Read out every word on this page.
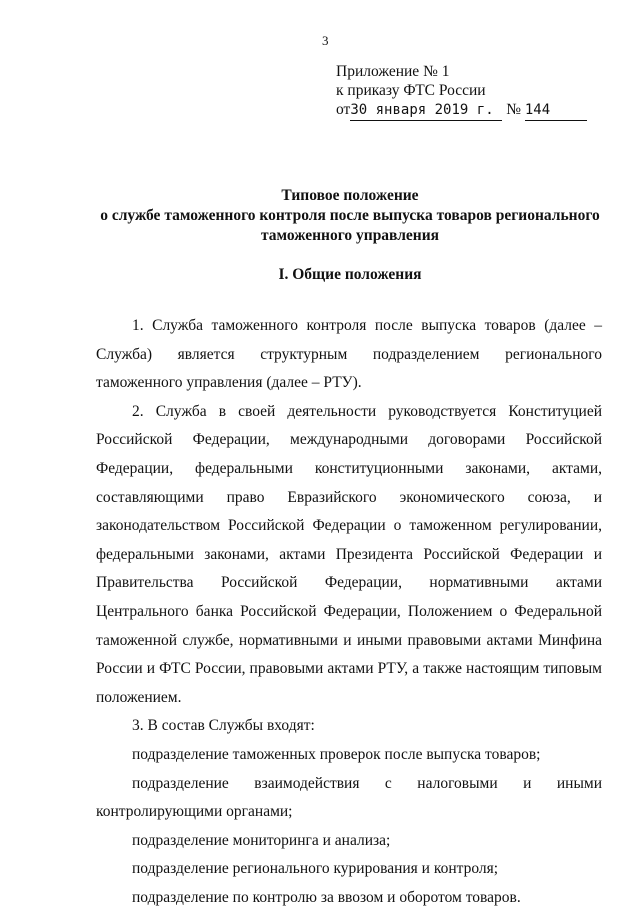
3
Приложение № 1
к приказу ФТС России
от30 января 2019 г. № 144
Типовое положение
о службе таможенного контроля после выпуска товаров регионального
таможенного управления
I. Общие положения

1. Служба таможенного контроля после выпуска товаров (далее – Служба) является структурным подразделением регионального таможенного управления (далее – РТУ).

2. Служба в своей деятельности руководствуется Конституцией Российской Федерации, международными договорами Российской Федерации, федеральными конституционными законами, актами, составляющими право Евразийского экономического союза, и законодательством Российской Федерации о таможенном регулировании, федеральными законами, актами Президента Российской Федерации и Правительства Российской Федерации, нормативными актами Центрального банка Российской Федерации, Положением о Федеральной таможенной службе, нормативными и иными правовыми актами Минфина России и ФТС России, правовыми актами РТУ, а также настоящим типовым положением.

3. В состав Службы входят:

подразделение таможенных проверок после выпуска товаров;

подразделение взаимодействия с налоговыми и иными контролирующими органами;

подразделение мониторинга и анализа;

подразделение регионального курирования и контроля;

подразделение по контролю за ввозом и оборотом товаров.
